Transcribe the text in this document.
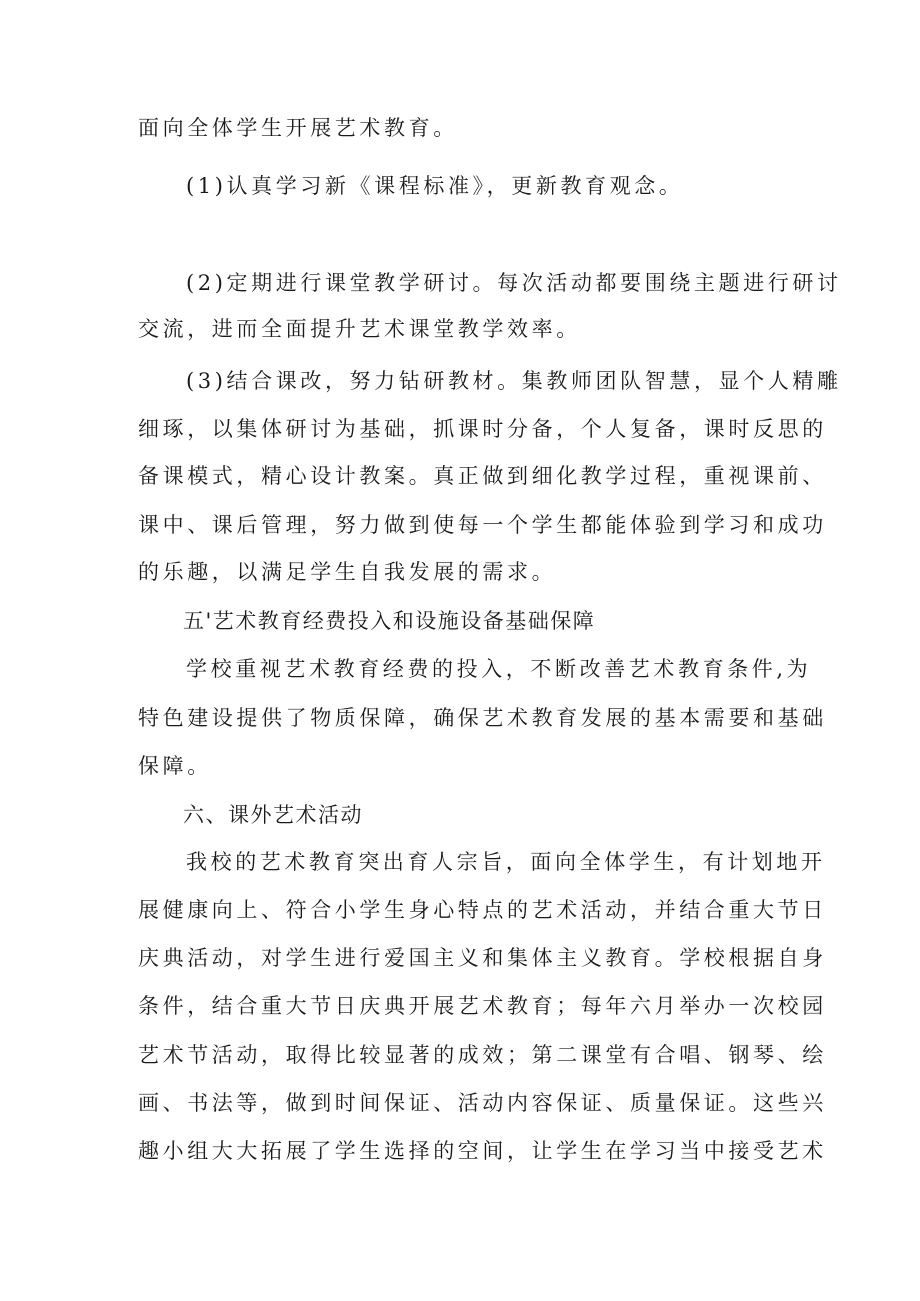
面向全体学生开展艺术教育。
(1)认真学习新《课程标准》，更新教育观念。
(2)定期进行课堂教学研讨。每次活动都要围绕主题进行研讨
交流，进而全面提升艺术课堂教学效率。
(3)结合课改，努力钻研教材。集教师团队智慧，显个人精雕
细琢，以集体研讨为基础，抓课时分备，个人复备，课时反思的
备课模式，精心设计教案。真正做到细化教学过程，重视课前、
课中、课后管理，努力做到使每一个学生都能体验到学习和成功
的乐趣，以满足学生自我发展的需求。
五'艺术教育经费投入和设施设备基础保障
学校重视艺术教育经费的投入，不断改善艺术教育条件,为
特色建设提供了物质保障，确保艺术教育发展的基本需要和基础
保障。
六、课外艺术活动
我校的艺术教育突出育人宗旨，面向全体学生，有计划地开
展健康向上、符合小学生身心特点的艺术活动，并结合重大节日
庆典活动，对学生进行爱国主义和集体主义教育。学校根据自身
条件，结合重大节日庆典开展艺术教育；每年六月举办一次校园
艺术节活动，取得比较显著的成效；第二课堂有合唱、钢琴、绘
画、书法等，做到时间保证、活动内容保证、质量保证。这些兴
趣小组大大拓展了学生选择的空间，让学生在学习当中接受艺术
